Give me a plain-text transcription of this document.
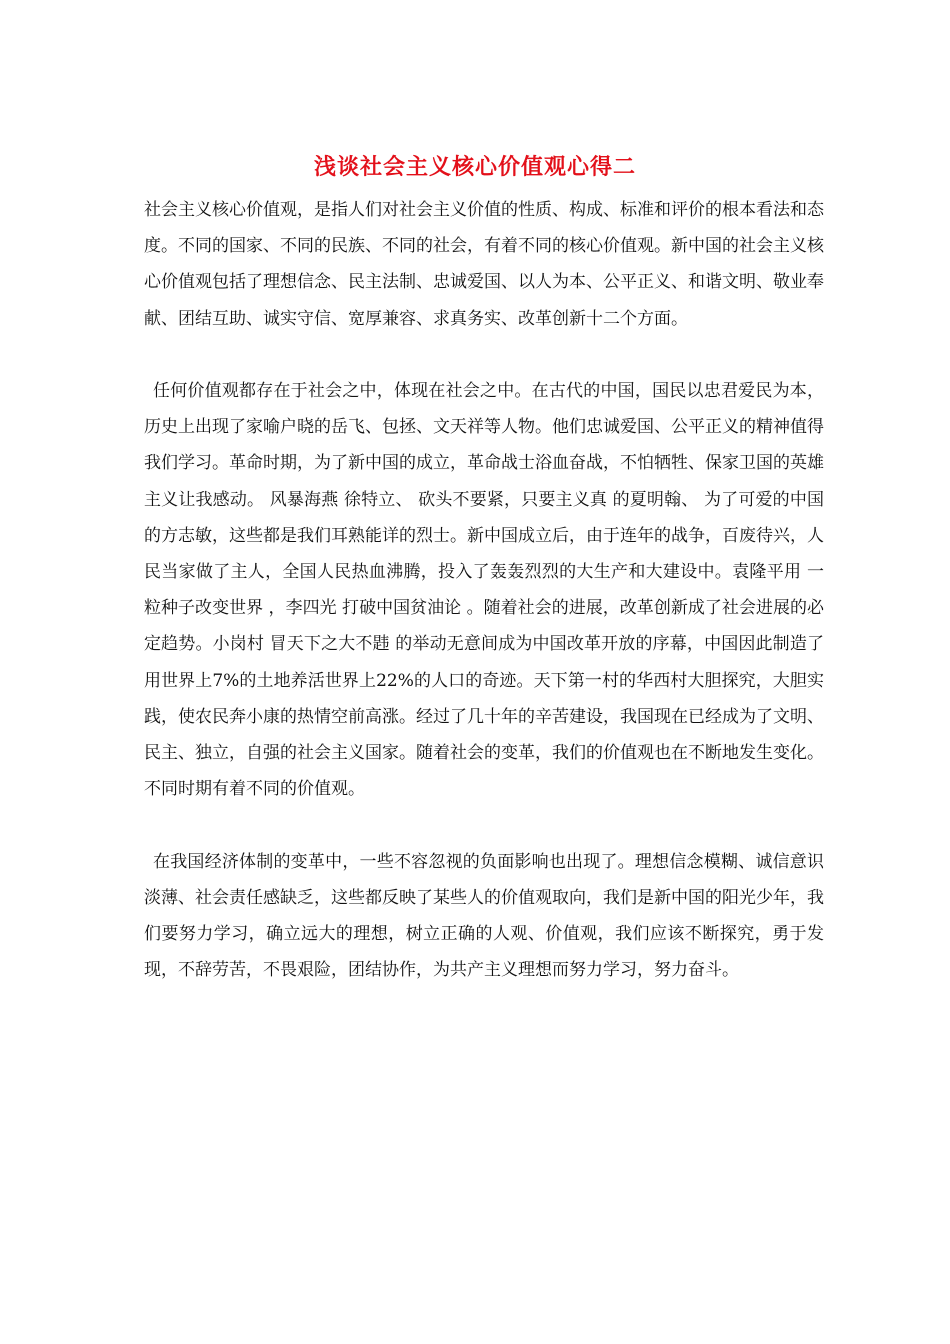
浅谈社会主义核心价值观心得二

社会主义核心价值观，是指人们对社会主义价值的性质、构成、标准和评价的根本看法和态度。不同的国家、不同的民族、不同的社会，有着不同的核心价值观。新中国的社会主义核心价值观包括了理想信念、民主法制、忠诚爱国、以人为本、公平正义、和谐文明、敬业奉献、团结互助、诚实守信、宽厚兼容、求真务实、改革创新十二个方面。

任何价值观都存在于社会之中，体现在社会之中。在古代的中国，国民以忠君爱民为本，历史上出现了家喻户晓的岳飞、包拯、文天祥等人物。他们忠诚爱国、公平正义的精神值得我们学习。革命时期，为了新中国的成立，革命战士浴血奋战，不怕牺牲、保家卫国的英雄主义让我感动。 风暴海燕 徐特立、 砍头不要紧，只要主义真 的夏明翰、 为了可爱的中国 的方志敏，这些都是我们耳熟能详的烈士。新中国成立后，由于连年的战争，百废待兴，人民当家做了主人，全国人民热血沸腾，投入了轰轰烈烈的大生产和大建设中。袁隆平用 一粒种子改变世界 ，李四光 打破中国贫油论 。随着社会的进展，改革创新成了社会进展的必定趋势。小岗村 冒天下之大不韪 的举动无意间成为中国改革开放的序幕，中国因此制造了用世界上7%的土地养活世界上22%的人口的奇迹。天下第一村的华西村大胆探究，大胆实践，使农民奔小康的热情空前高涨。经过了几十年的辛苦建设，我国现在已经成为了文明、民主、独立，自强的社会主义国家。随着社会的变革，我们的价值观也在不断地发生变化。不同时期有着不同的价值观。

在我国经济体制的变革中，一些不容忽视的负面影响也出现了。理想信念模糊、诚信意识淡薄、社会责任感缺乏，这些都反映了某些人的价值观取向，我们是新中国的阳光少年，我们要努力学习，确立远大的理想，树立正确的人观、价值观，我们应该不断探究，勇于发现，不辞劳苦，不畏艰险，团结协作，为共产主义理想而努力学习，努力奋斗。
